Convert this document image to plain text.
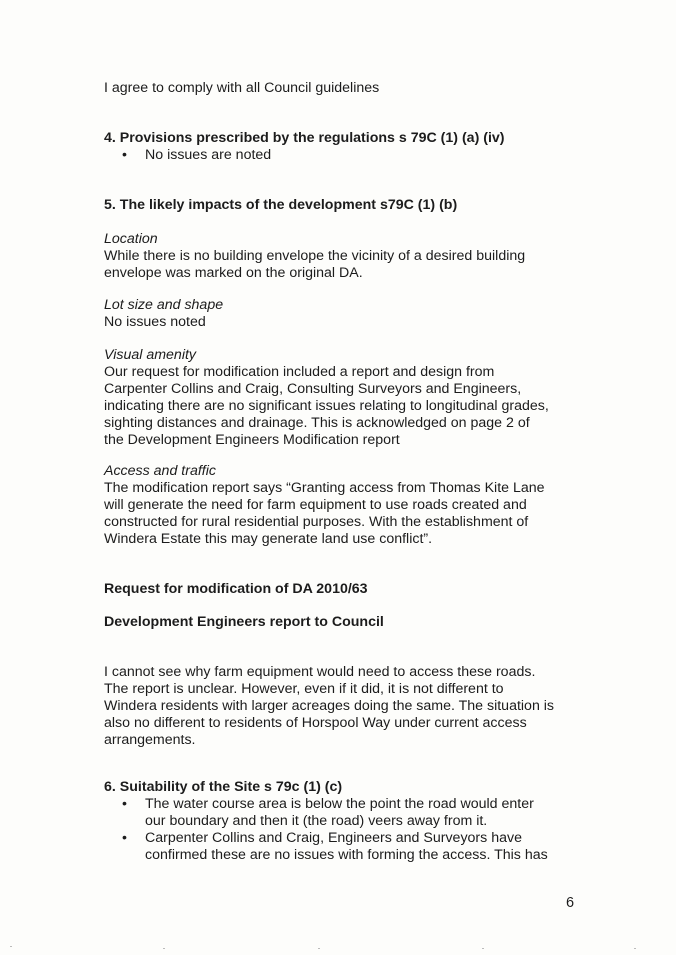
I agree to comply with all Council guidelines
4. Provisions prescribed by the regulations s 79C (1) (a) (iv)
• No issues are noted
5. The likely impacts of the development s79C (1) (b)
Location
While there is no building envelope the vicinity of a desired building
envelope was marked on the original DA.
Lot size and shape
No issues noted
Visual amenity
Our request for modification included a report and design from
Carpenter Collins and Craig, Consulting Surveyors and Engineers,
indicating there are no significant issues relating to longitudinal grades,
sighting distances and drainage. This is acknowledged on page 2 of
the Development Engineers Modification report
Access and traffic
The modification report says “Granting access from Thomas Kite Lane
will generate the need for farm equipment to use roads created and
constructed for rural residential purposes. With the establishment of
Windera Estate this may generate land use conflict”.
Request for modification of DA 2010/63
Development Engineers report to Council
I cannot see why farm equipment would need to access these roads.
The report is unclear. However, even if it did, it is not different to
Windera residents with larger acreages doing the same. The situation is
also no different to residents of Horspool Way under current access
arrangements.
6. Suitability of the Site s 79c (1) (c)
• The water course area is below the point the road would enter
our boundary and then it (the road) veers away from it.
• Carpenter Collins and Craig, Engineers and Surveyors have
confirmed these are no issues with forming the access. This has
6
